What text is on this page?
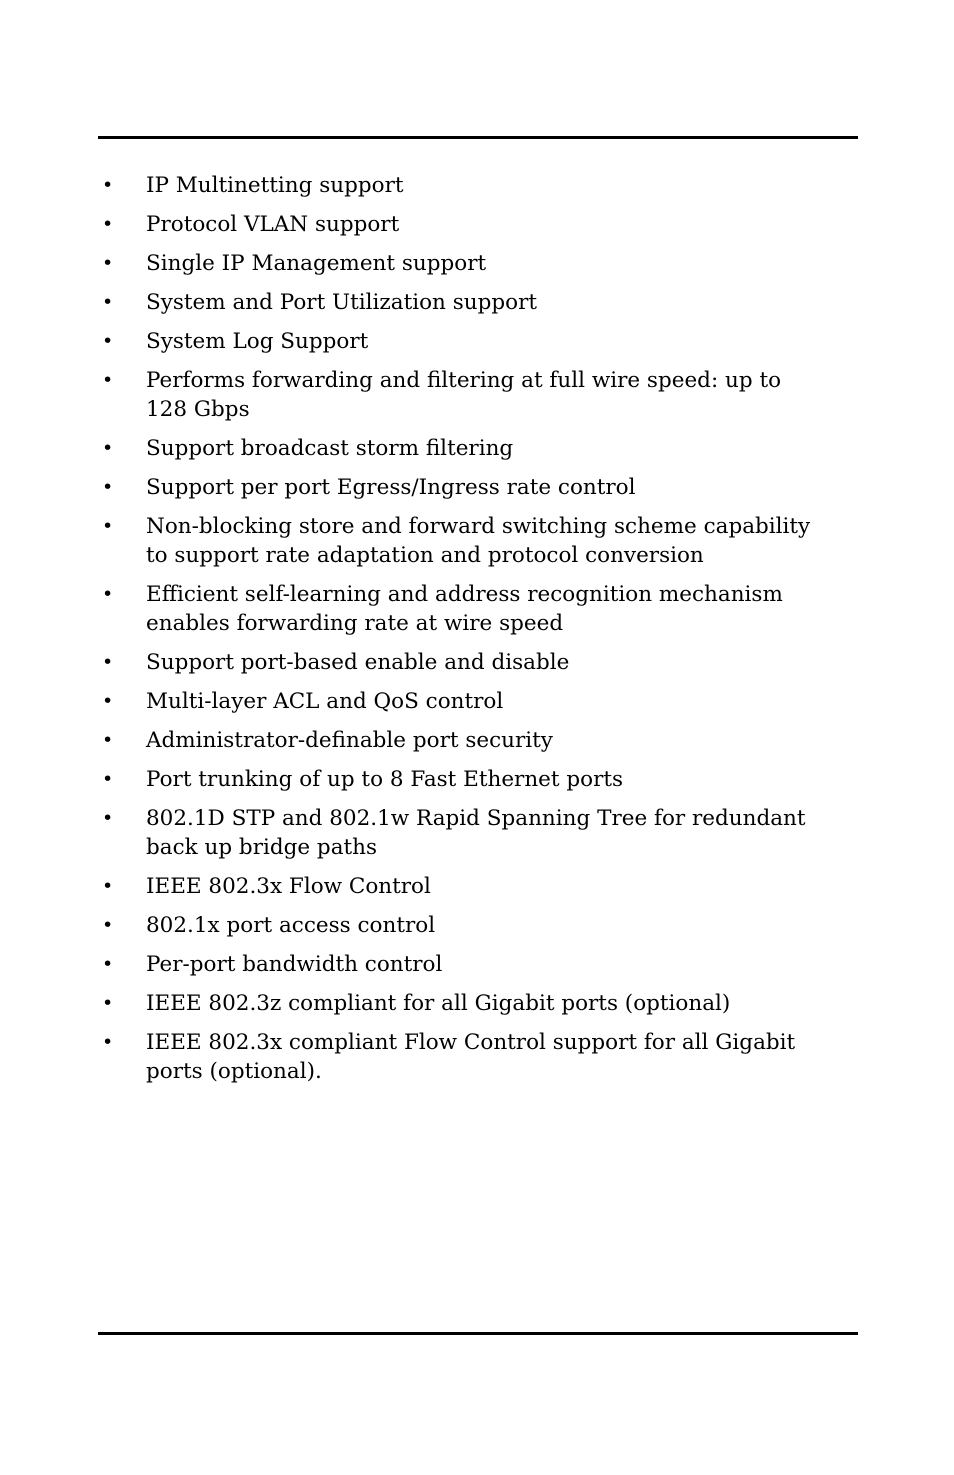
• IP Multinetting support
• Protocol VLAN support
• Single IP Management support
• System and Port Utilization support
• System Log Support
• Performs forwarding and filtering at full wire speed: up to 128 Gbps
• Support broadcast storm filtering
• Support per port Egress/Ingress rate control
• Non-blocking store and forward switching scheme capability to support rate adaptation and protocol conversion
• Efficient self-learning and address recognition mechanism enables forwarding rate at wire speed
• Support port-based enable and disable
• Multi-layer ACL and QoS control
• Administrator-definable port security
• Port trunking of up to 8 Fast Ethernet ports
• 802.1D STP and 802.1w Rapid Spanning Tree for redundant back up bridge paths
• IEEE 802.3x Flow Control
• 802.1x port access control
• Per-port bandwidth control
• IEEE 802.3z compliant for all Gigabit ports (optional)
• IEEE 802.3x compliant Flow Control support for all Gigabit ports (optional).
